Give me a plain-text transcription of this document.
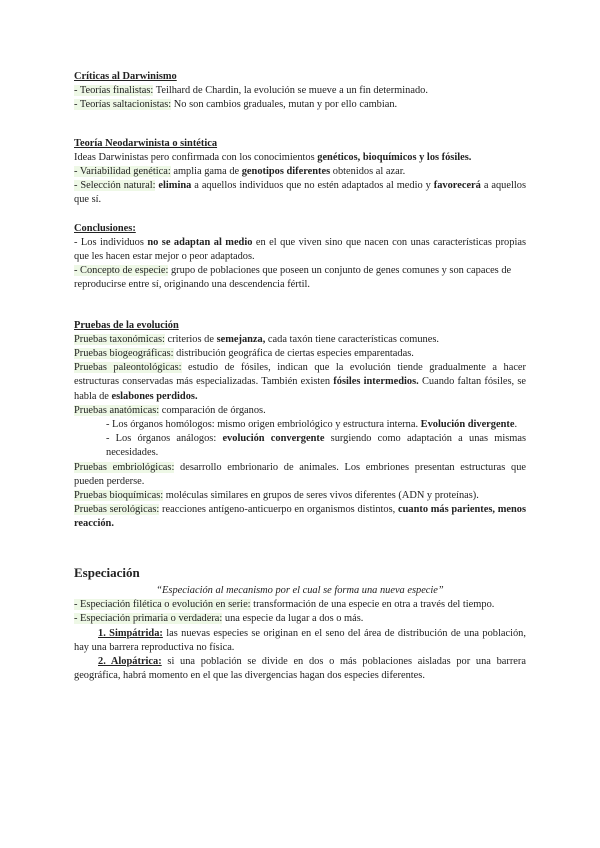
Críticas al Darwinismo

- Teorías finalistas: Teilhard de Chardin, la evolución se mueve a un fin determinado.

- Teorías saltacionistas: No son cambios graduales, mutan y por ello cambian.

Teoría Neodarwinista o sintética

Ideas Darwinistas pero confirmada con los conocimientos genéticos, bioquímicos y los fósiles.

- Variabilidad genética: amplia gama de genotipos diferentes obtenidos al azar.

- Selección natural: elimina a aquellos individuos que no estén adaptados al medio y favorecerá a aquellos que sí.

Conclusiones:

- Los individuos no se adaptan al medio en el que viven sino que nacen con unas características propias que les hacen estar mejor o peor adaptados.

- Concepto de especie: grupo de poblaciones que poseen un conjunto de genes comunes y son capaces de reproducirse entre sí, originando una descendencia fértil.

Pruebas de la evolución

Pruebas taxonómicas: criterios de semejanza, cada taxón tiene características comunes.

Pruebas biogeográficas: distribución geográfica de ciertas especies emparentadas.

Pruebas paleontológicas: estudio de fósiles, indican que la evolución tiende gradualmente a hacer estructuras conservadas más especializadas. También existen fósiles intermedios. Cuando faltan fósiles, se habla de eslabones perdidos.

Pruebas anatómicas: comparación de órganos.

- Los órganos homólogos: mismo origen embriológico y estructura interna. Evolución divergente.

- Los órganos análogos: evolución convergente surgiendo como adaptación a unas mismas necesidades.

Pruebas embriológicas: desarrollo embrionario de animales. Los embriones presentan estructuras que pueden perderse.

Pruebas bioquímicas: moléculas similares en grupos de seres vivos diferentes (ADN y proteínas).

Pruebas serológicas: reacciones antígeno-anticuerpo en organismos distintos, cuanto más parientes, menos reacción.

Especiación

“Especiación al mecanismo por el cual se forma una nueva especie”

- Especiación filética o evolución en serie: transformación de una especie en otra a través del tiempo.

- Especiación primaria o verdadera: una especie da lugar a dos o más.

1. Simpátrida: las nuevas especies se originan en el seno del área de distribución de una población, hay una barrera reproductiva no física.

2. Alopátrica: si una población se divide en dos o más poblaciones aisladas por una barrera geográfica, habrá momento en el que las divergencias hagan dos especies diferentes.
